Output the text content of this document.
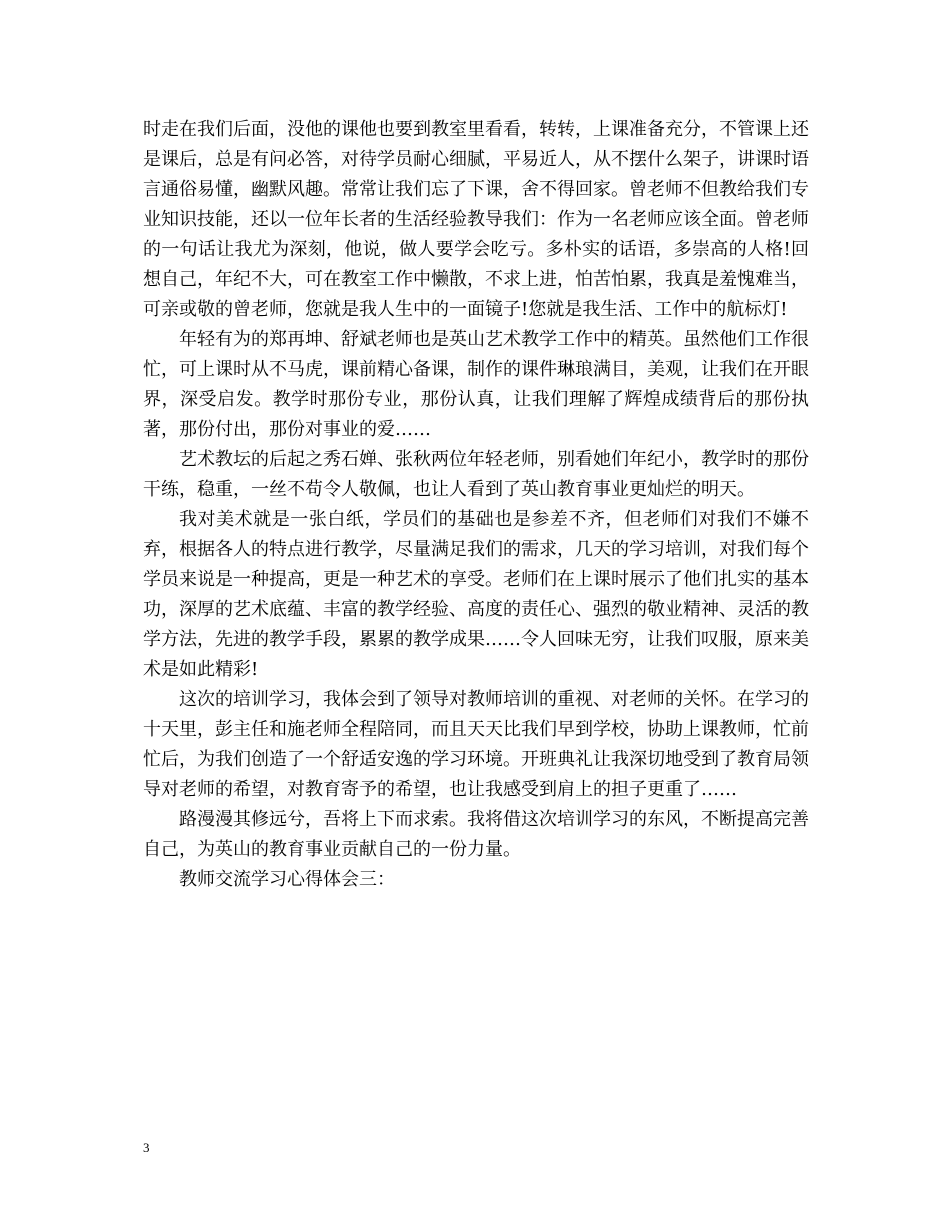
时走在我们后面，没他的课他也要到教室里看看，转转，上课准备充分，不管课上还是课后，总是有问必答，对待学员耐心细腻，平易近人，从不摆什么架子，讲课时语言通俗易懂，幽默风趣。常常让我们忘了下课，舍不得回家。曾老师不但教给我们专业知识技能，还以一位年长者的生活经验教导我们：作为一名老师应该全面。曾老师的一句话让我尤为深刻，他说，做人要学会吃亏。多朴实的话语，多崇高的人格!回想自己，年纪不大，可在教室工作中懒散，不求上进，怕苦怕累，我真是羞愧难当，可亲或敬的曾老师，您就是我人生中的一面镜子!您就是我生活、工作中的航标灯!

年轻有为的郑再坤、舒斌老师也是英山艺术教学工作中的精英。虽然他们工作很忙，可上课时从不马虎，课前精心备课，制作的课件琳琅满目，美观，让我们在开眼界，深受启发。教学时那份专业，那份认真，让我们理解了辉煌成绩背后的那份执著，那份付出，那份对事业的爱……

艺术教坛的后起之秀石婵、张秋两位年轻老师，别看她们年纪小，教学时的那份干练，稳重，一丝不苟令人敬佩，也让人看到了英山教育事业更灿烂的明天。

我对美术就是一张白纸，学员们的基础也是参差不齐，但老师们对我们不嫌不弃，根据各人的特点进行教学，尽量满足我们的需求，几天的学习培训，对我们每个学员来说是一种提高，更是一种艺术的享受。老师们在上课时展示了他们扎实的基本功，深厚的艺术底蕴、丰富的教学经验、高度的责任心、强烈的敬业精神、灵活的教学方法，先进的教学手段，累累的教学成果……令人回味无穷，让我们叹服，原来美术是如此精彩!

这次的培训学习，我体会到了领导对教师培训的重视、对老师的关怀。在学习的十天里，彭主任和施老师全程陪同，而且天天比我们早到学校，协助上课教师，忙前忙后，为我们创造了一个舒适安逸的学习环境。开班典礼让我深切地受到了教育局领导对老师的希望，对教育寄予的希望，也让我感受到肩上的担子更重了……

路漫漫其修远兮，吾将上下而求索。我将借这次培训学习的东风，不断提高完善自己，为英山的教育事业贡献自己的一份力量。

教师交流学习心得体会三：

3
